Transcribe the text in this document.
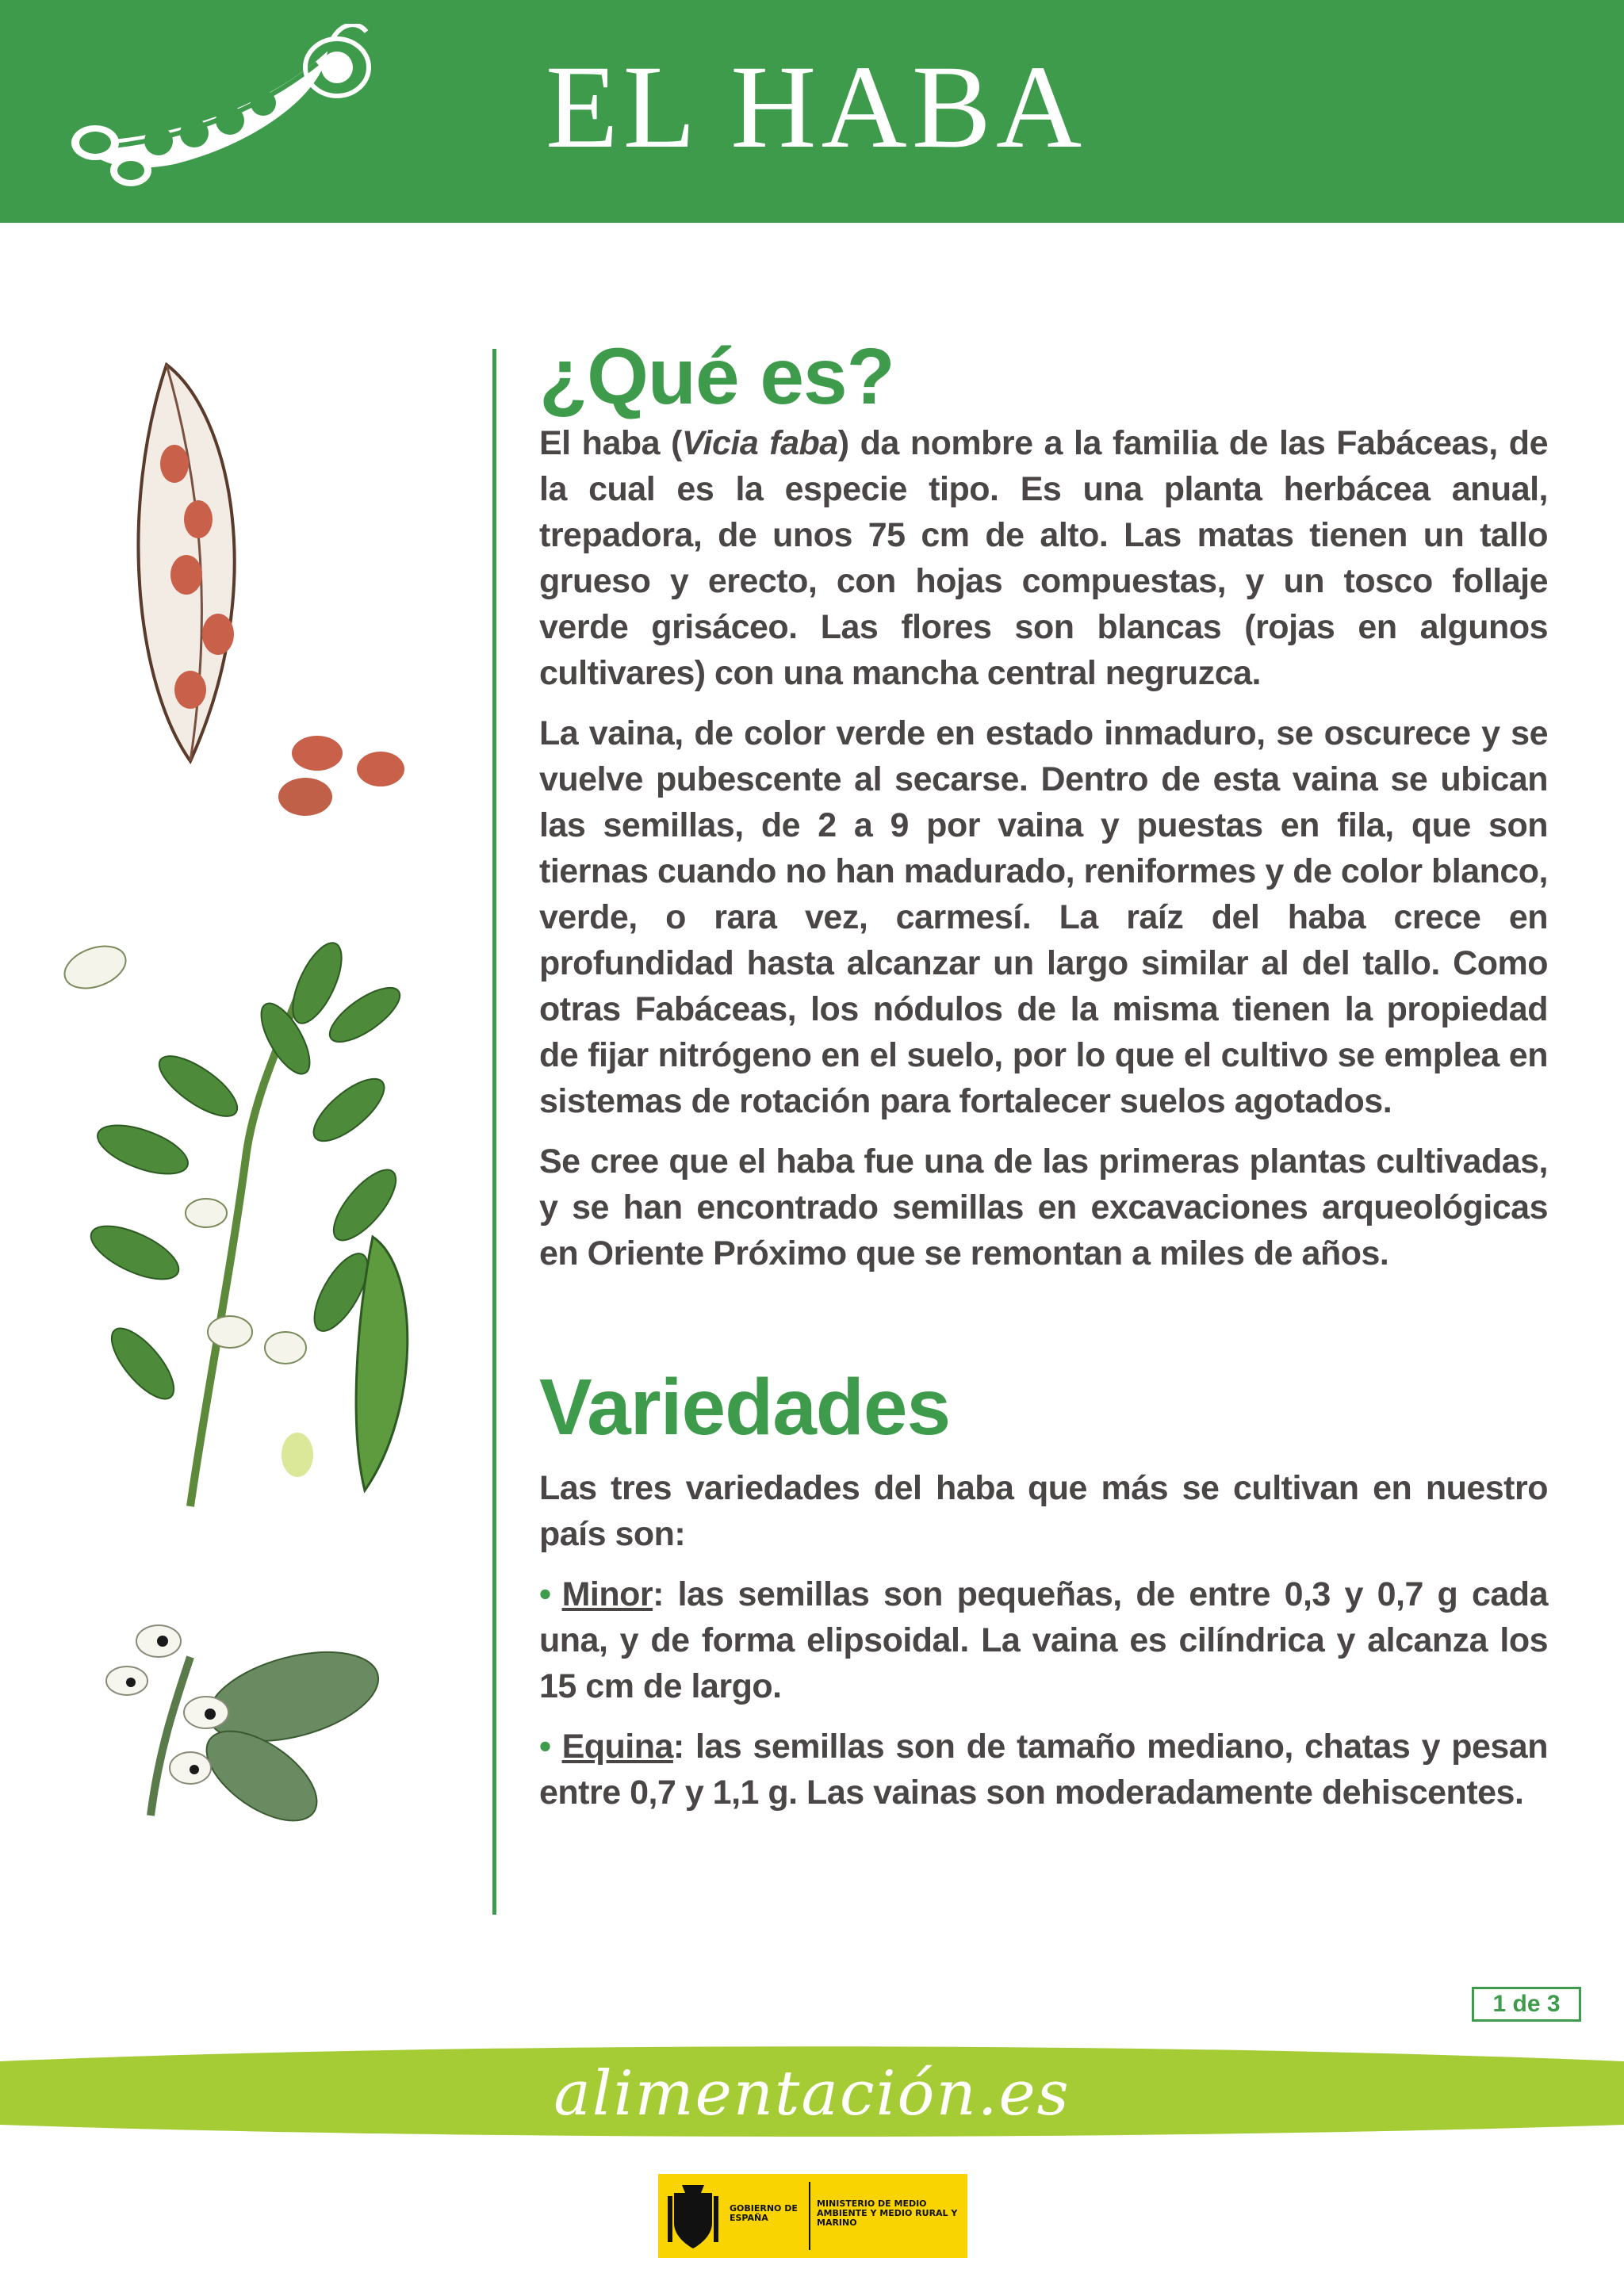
EL HABA
¿Qué es?

El haba (Vicia faba) da nombre a la familia de las Fabáceas, de la cual es la especie tipo. Es una planta herbácea anual, trepadora, de unos 75 cm de alto. Las matas tienen un tallo grueso y erecto, con hojas compuestas, y un tosco follaje verde grisáceo. Las flores son blancas (rojas en algunos cultivares) con una mancha central negruzca.

La vaina, de color verde en estado inmaduro, se oscurece y se vuelve pubescente al secarse. Dentro de esta vaina se ubican las semillas, de 2 a 9 por vaina y puestas en fila, que son tiernas cuando no han madurado, reniformes y de color blanco, verde, o rara vez, carmesí. La raíz del haba crece en profundidad hasta alcanzar un largo similar al del tallo. Como otras Fabáceas, los nódulos de la misma tienen la propiedad de fijar nitrógeno en el suelo, por lo que el cultivo se emplea en sistemas de rotación para fortalecer suelos agotados.

Se cree que el haba fue una de las primeras plantas cultivadas, y se han encontrado semillas en excavaciones arqueológicas en Oriente Próximo que se remontan a miles de años.

Variedades

Las tres variedades del haba que más se cultivan en nuestro país son:

• Minor: las semillas son pequeñas, de entre 0,3 y 0,7 g cada una, y de forma elipsoidal. La vaina es cilíndrica y alcanza los 15 cm de largo.

• Equina: las semillas son de tamaño mediano, chatas y pesan entre 0,7 y 1,1 g. Las vainas son moderadamente dehiscentes.

1 de 3
alimentación.es
GOBIERNO DE ESPAÑA
MINISTERIO DE MEDIO AMBIENTE Y MEDIO RURAL Y MARINO
